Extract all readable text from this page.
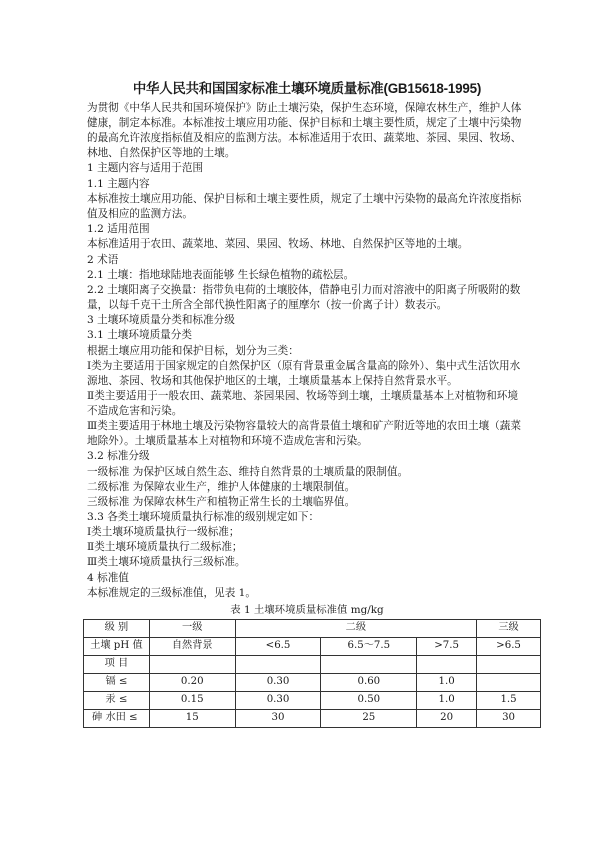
中华人民共和国国家标准土壤环境质量标准(GB15618-1995)

为贯彻《中华人民共和国环境保护》防止土壤污染，保护生态环境，保障农林生产，维护人体健康，制定本标准。本标准按土壤应用功能、保护目标和土壤主要性质，规定了土壤中污染物的最高允许浓度指标值及相应的监测方法。本标准适用于农田、蔬菜地、茶园、果园、牧场、林地、自然保护区等地的土壤。

1 主题内容与适用于范围

1.1 主题内容

本标准按土壤应用功能、保护目标和土壤主要性质，规定了土壤中污染物的最高允许浓度指标值及相应的监测方法。

1.2 适用范围

本标准适用于农田、蔬菜地、菜园、果园、牧场、林地、自然保护区等地的土壤。

2 术语

2.1 土壤：指地球陆地表面能够 生长绿色植物的疏松层。

2.2 土壤阳离子交换量：指带负电荷的土壤胶体，借静电引力而对溶液中的阳离子所吸附的数量，以每千克干土所含全部代换性阳离子的厘摩尔（按一价离子计）数表示。

3 土壤环境质量分类和标准分级

3.1 土壤环境质量分类

根据土壤应用功能和保护目标，划分为三类：

Ⅰ类为主要适用于国家规定的自然保护区（原有背景重金属含量高的除外）、集中式生活饮用水源地、茶园、牧场和其他保护地区的土壤，土壤质量基本上保持自然背景水平。

Ⅱ类主要适用于一般农田、蔬菜地、茶园果园、牧场等到土壤，土壤质量基本上对植物和环境不造成危害和污染。

Ⅲ类主要适用于林地土壤及污染物容量较大的高背景值土壤和矿产附近等地的农田土壤（蔬菜地除外）。土壤质量基本上对植物和环境不造成危害和污染。

3.2 标准分级

一级标准 为保护区域自然生态、维持自然背景的土壤质量的限制值。

二级标准 为保障农业生产，维护人体健康的土壤限制值。

三级标准 为保障农林生产和植物正常生长的土壤临界值。

3.3 各类土壤环境质量执行标准的级别规定如下：

Ⅰ类土壤环境质量执行一级标准；

Ⅱ类土壤环境质量执行二级标准；

Ⅲ类土壤环境质量执行三级标准。

4 标准值

本标准规定的三级标准值，见表 1。

表 1 土壤环境质量标准值 mg/kg
级 别	一级	二级			三级
土壤 pH 值	自然背景	<6.5	6.5～7.5	>7.5	>6.5
项 目					
镉 ≤	0.20	0.30	0.60	1.0	
汞 ≤	0.15	0.30	0.50	1.0	1.5
砷 水田 ≤	15	30	25	20	30
